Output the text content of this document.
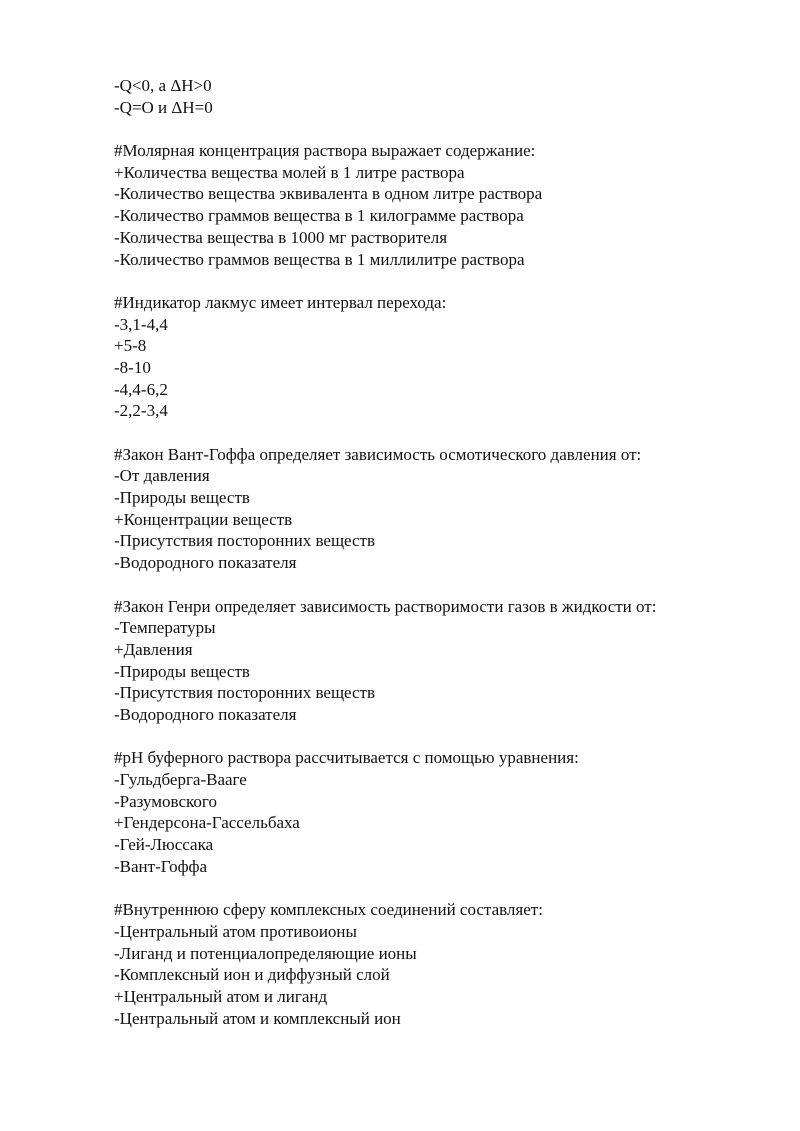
-Q<0, а ΔH>0
-Q=O и ΔH=0
#Молярная концентрация раствора выражает содержание:
+Количества вещества молей в 1 литре раствора
-Количество вещества эквивалента в одном литре раствора
-Количество граммов вещества в 1 килограмме раствора
-Количества вещества в 1000 мг растворителя
-Количество граммов вещества в 1 миллилитре раствора
#Индикатор лакмус имеет интервал перехода:
-3,1-4,4
+5-8
-8-10
-4,4-6,2
-2,2-3,4
#Закон Вант-Гоффа определяет зависимость осмотического давления от:
-От давления
-Природы веществ
+Концентрации веществ
-Присутствия посторонних веществ
-Водородного показателя
#Закон Генри определяет зависимость растворимости газов в жидкости от:
-Температуры
+Давления
-Природы веществ
-Присутствия посторонних веществ
-Водородного показателя
#pH буферного раствора рассчитывается с помощью уравнения:
-Гульдберга-Вааге
-Разумовского
+Гендерсона-Гассельбаха
-Гей-Люссака
-Вант-Гоффа
#Внутреннюю сферу комплексных соединений составляет:
-Центральный атом противоионы
-Лиганд и потенциалопределяющие ионы
-Комплексный ион и диффузный слой
+Центральный атом и лиганд
-Центральный атом и комплексный ион
